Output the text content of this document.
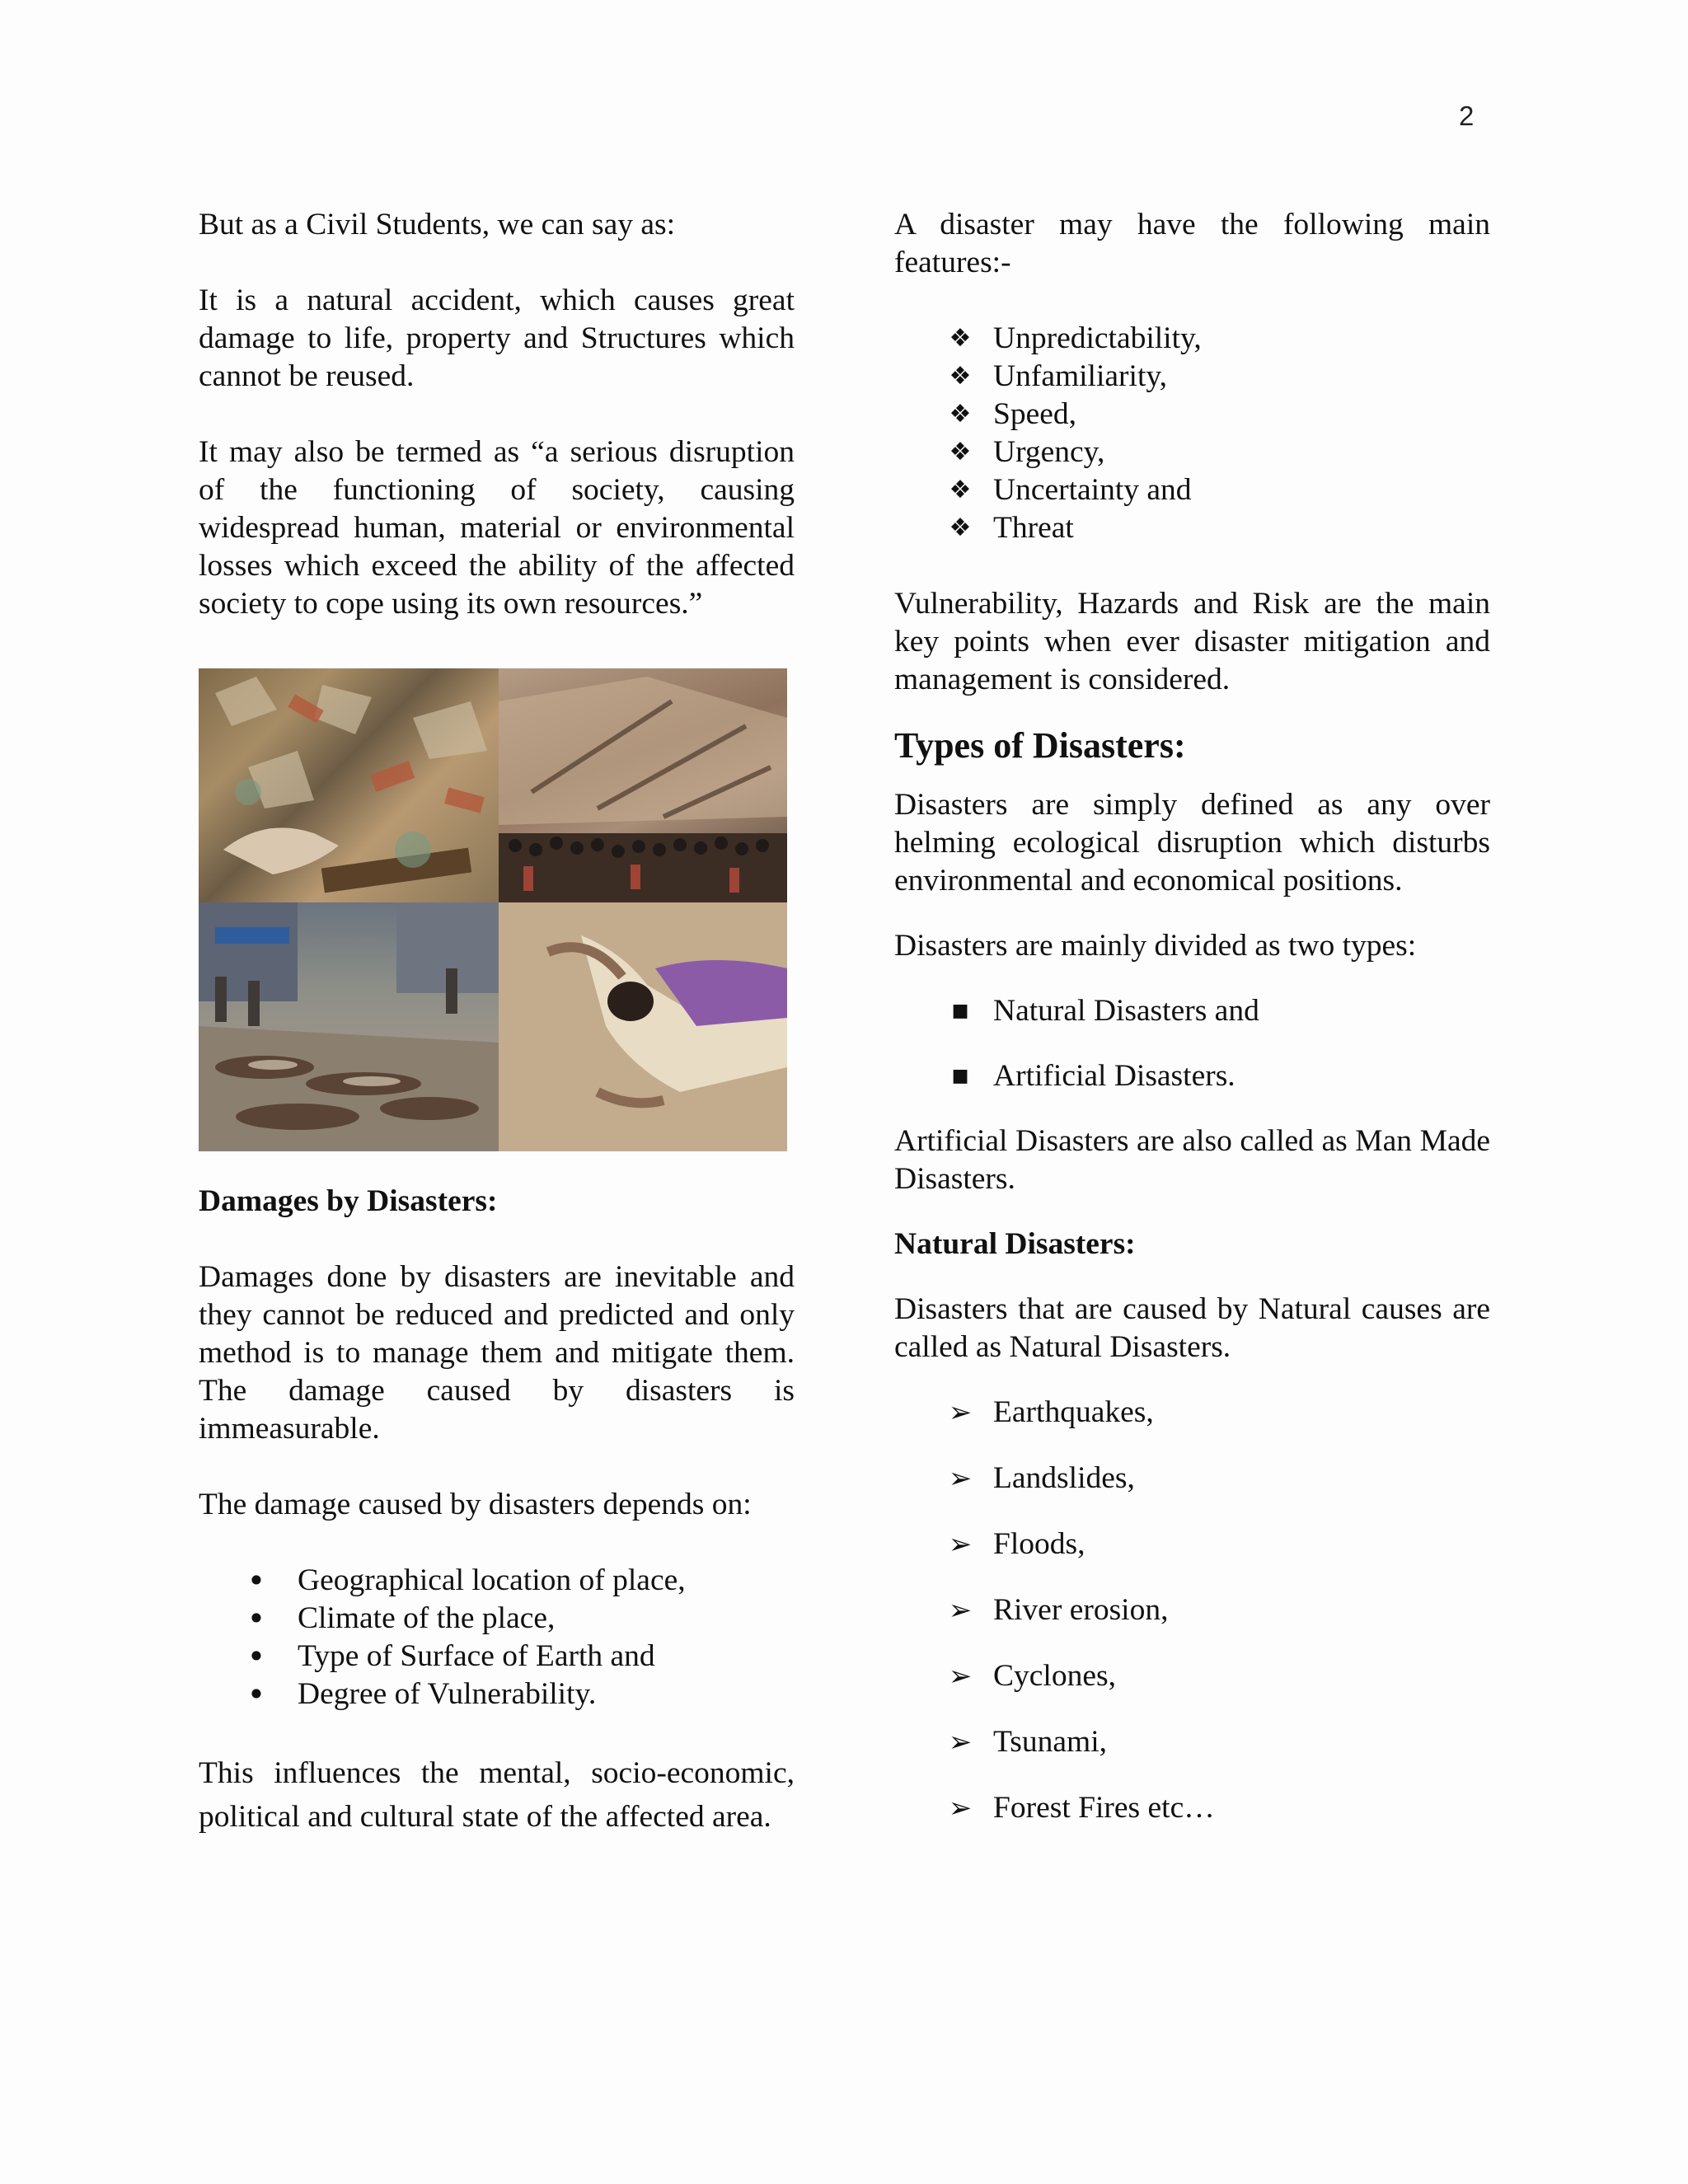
2

But as a Civil Students, we can say as:

It is a natural accident, which causes great damage to life, property and Structures which cannot be reused.

It may also be termed as “a serious disruption of the functioning of society, causing widespread human, material or environmental losses which exceed the ability of the affected society to cope using its own resources.”

Damages by Disasters:

Damages done by disasters are inevitable and they cannot be reduced and predicted and only method is to manage them and mitigate them. The damage caused by disasters is immeasurable.

The damage caused by disasters depends on:

•	Geographical location of place,
•	Climate of the place,
•	Type of Surface of Earth and
•	Degree of Vulnerability.

This influences the mental, socio-economic, political and cultural state of the affected area.

A disaster may have the following main features:-

❖ Unpredictability,
❖ Unfamiliarity,
❖ Speed,
❖ Urgency,
❖ Uncertainty and
❖ Threat

Vulnerability, Hazards and Risk are the main key points when ever disaster mitigation and management is considered.

Types of Disasters:

Disasters are simply defined as any over helming ecological disruption which disturbs environmental and economical positions.

Disasters are mainly divided as two types:

■ Natural Disasters and
■ Artificial Disasters.

Artificial Disasters are also called as Man Made Disasters.

Natural Disasters:

Disasters that are caused by Natural causes are called as Natural Disasters.

➢ Earthquakes,
➢ Landslides,
➢ Floods,
➢ River erosion,
➢ Cyclones,
➢ Tsunami,
➢ Forest Fires etc…
